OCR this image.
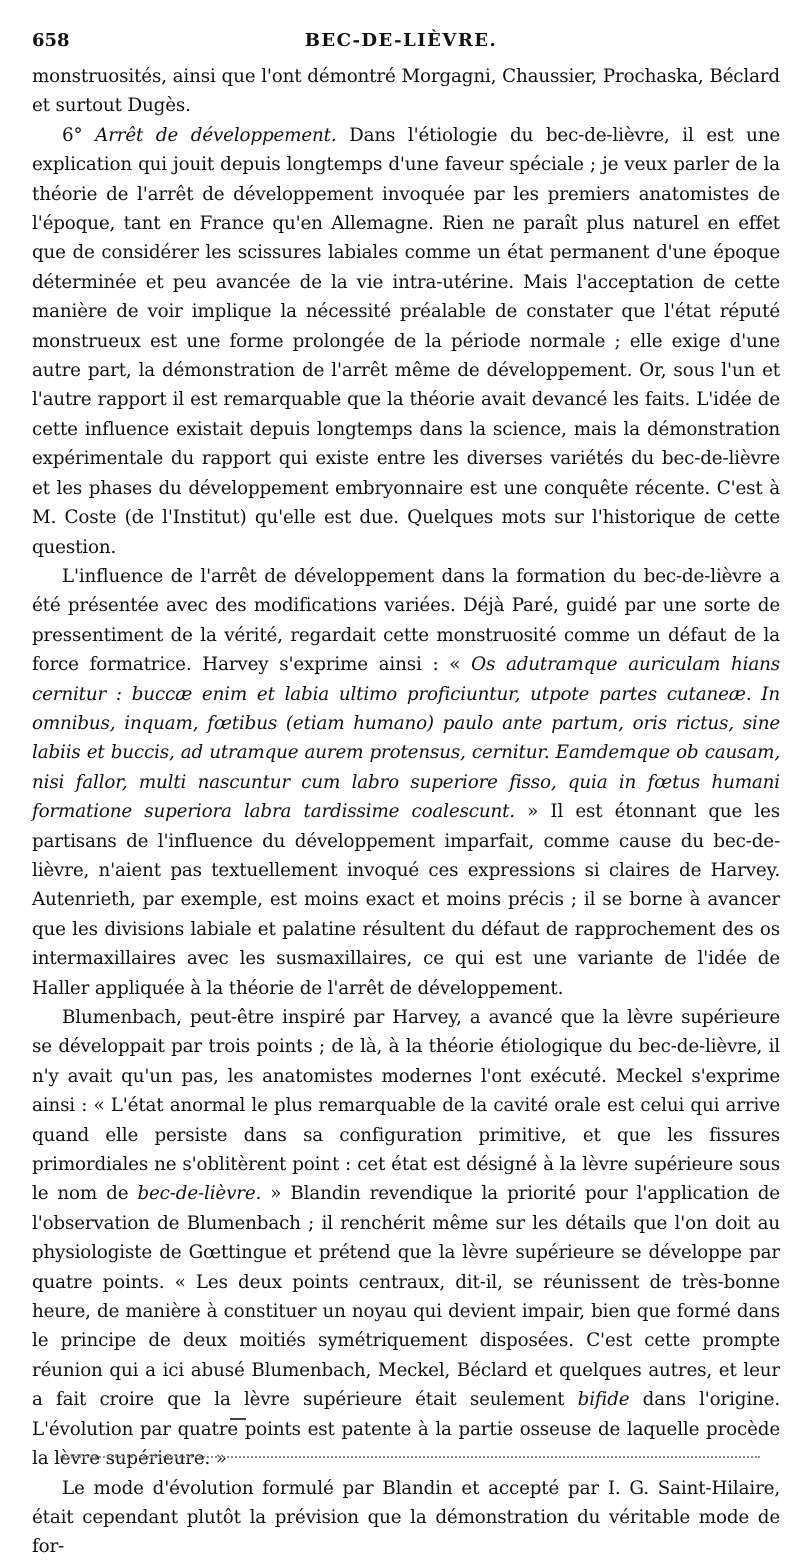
658	BEC-DE-LIÈVRE.

monstruosités, ainsi que l'ont démontré Morgagni, Chaussier, Prochaska, Béclard et surtout Dugès.

6° Arrêt de développement. Dans l'étiologie du bec-de-lièvre, il est une explication qui jouit depuis longtemps d'une faveur spéciale ; je veux parler de la théorie de l'arrêt de développement invoquée par les premiers anatomistes de l'époque, tant en France qu'en Allemagne. Rien ne paraît plus naturel en effet que de considérer les scissures labiales comme un état permanent d'une époque déterminée et peu avancée de la vie intra-utérine. Mais l'acceptation de cette manière de voir implique la nécessité préalable de constater que l'état réputé monstrueux est une forme prolongée de la période normale ; elle exige d'une autre part, la démonstration de l'arrêt même de développement. Or, sous l'un et l'autre rapport il est remarquable que la théorie avait devancé les faits. L'idée de cette influence existait depuis longtemps dans la science, mais la démonstration expérimentale du rapport qui existe entre les diverses variétés du bec-de-lièvre et les phases du développement embryonnaire est une conquête récente. C'est à M. Coste (de l'Institut) qu'elle est due. Quelques mots sur l'historique de cette question.

L'influence de l'arrêt de développement dans la formation du bec-de-lièvre a été présentée avec des modifications variées. Déjà Paré, guidé par une sorte de pressentiment de la vérité, regardait cette monstruosité comme un défaut de la force formatrice. Harvey s'exprime ainsi : « Os adutramque auriculam hians cernitur : buccæ enim et labia ultimo proficiuntur, utpote partes cutaneæ. In omnibus, inquam, fœtibus (etiam humano) paulo ante partum, oris rictus, sine labiis et buccis, ad utramque aurem protensus, cernitur. Eamdemque ob causam, nisi fallor, multi nascuntur cum labro superiore fisso, quia in fœtus humani formatione superiora labra tardissime coalescunt. » Il est étonnant que les partisans de l'influence du développement imparfait, comme cause du bec-de-lièvre, n'aient pas textuellement invoqué ces expressions si claires de Harvey. Autenrieth, par exemple, est moins exact et moins précis ; il se borne à avancer que les divisions labiale et palatine résultent du défaut de rapprochement des os intermaxillaires avec les susmaxillaires, ce qui est une variante de l'idée de Haller appliquée à la théorie de l'arrêt de développement.

Blumenbach, peut-être inspiré par Harvey, a avancé que la lèvre supérieure se développait par trois points ; de là, à la théorie étiologique du bec-de-lièvre, il n'y avait qu'un pas, les anatomistes modernes l'ont exécuté. Meckel s'exprime ainsi : « L'état anormal le plus remarquable de la cavité orale est celui qui arrive quand elle persiste dans sa configuration primitive, et que les fissures primordiales ne s'oblitèrent point : cet état est désigné à la lèvre supérieure sous le nom de bec-de-lièvre. » Blandin revendique la priorité pour l'application de l'observation de Blumenbach ; il renchérit même sur les détails que l'on doit au physiologiste de Gœttingue et prétend que la lèvre supérieure se développe par quatre points. « Les deux points centraux, dit-il, se réunissent de très-bonne heure, de manière à constituer un noyau qui devient impair, bien que formé dans le principe de deux moitiés symétriquement disposées. C'est cette prompte réunion qui a ici abusé Blumenbach, Meckel, Béclard et quelques autres, et leur a fait croire que la lèvre supérieure était seulement bifide dans l'origine. L'évolution par quatre points est patente à la partie osseuse de laquelle procède la lèvre supérieure. »

Le mode d'évolution formulé par Blandin et accepté par I. G. Saint-Hilaire, était cependant plutôt la prévision que la démonstration du véritable mode de for-
